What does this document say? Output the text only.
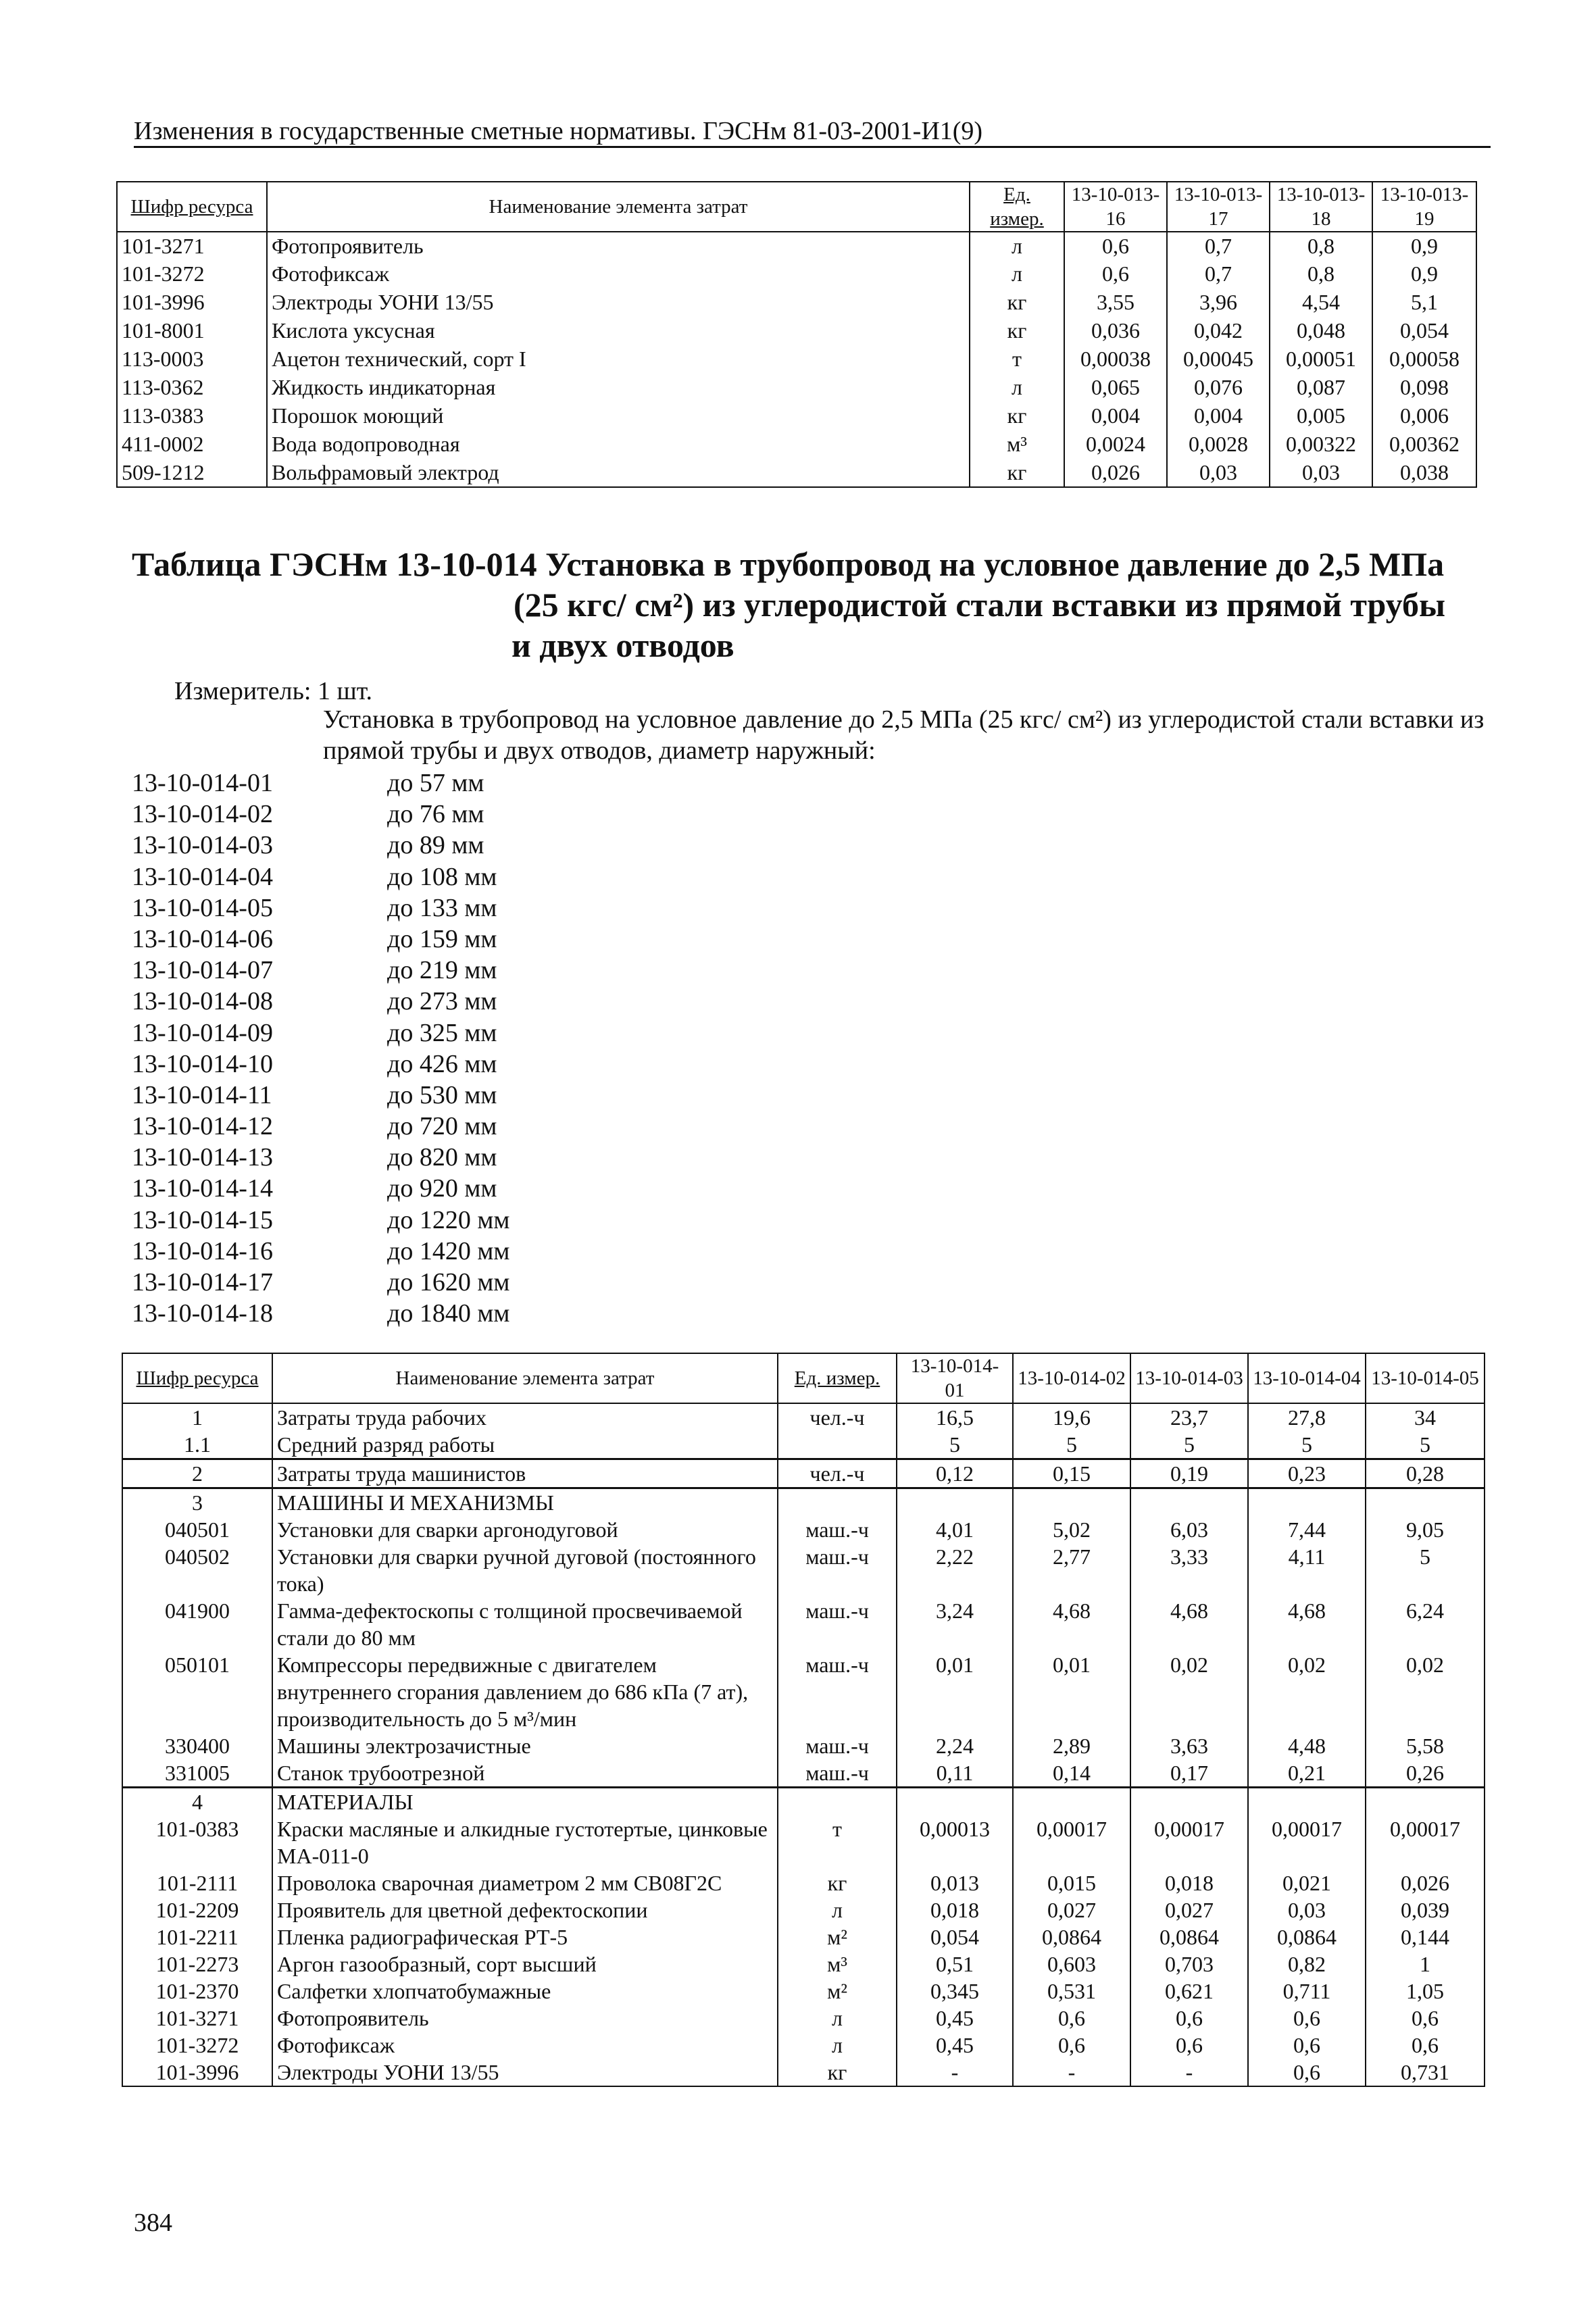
Изменения в государственные сметные нормативы. ГЭСНм 81-03-2001-И1(9)
Шифр ресурса	Наименование элемента затрат	Ед. измер.	13-10-013-16	13-10-013-17	13-10-013-18	13-10-013-19
101-3271	Фотопроявитель	л	0,6	0,7	0,8	0,9
101-3272	Фотофиксаж	л	0,6	0,7	0,8	0,9
101-3996	Электроды УОНИ 13/55	кг	3,55	3,96	4,54	5,1
101-8001	Кислота уксусная	кг	0,036	0,042	0,048	0,054
113-0003	Ацетон технический, сорт I	т	0,00038	0,00045	0,00051	0,00058
113-0362	Жидкость индикаторная	л	0,065	0,076	0,087	0,098
113-0383	Порошок моющий	кг	0,004	0,004	0,005	0,006
411-0002	Вода водопроводная	м³	0,0024	0,0028	0,00322	0,00362
509-1212	Вольфрамовый электрод	кг	0,026	0,03	0,03	0,038
Таблица ГЭСНм 13-10-014 Установка в трубопровод на условное давление до 2,5 МПа
(25 кгс/ см²) из углеродистой стали вставки из прямой трубы
и двух отводов
Измеритель: 1 шт.
Установка в трубопровод на условное давление до 2,5 МПа (25 кгс/ см²) из углеродистой стали вставки из прямой трубы и двух отводов, диаметр наружный:
13-10-014-01	до 57 мм
13-10-014-02	до 76 мм
13-10-014-03	до 89 мм
13-10-014-04	до 108 мм
13-10-014-05	до 133 мм
13-10-014-06	до 159 мм
13-10-014-07	до 219 мм
13-10-014-08	до 273 мм
13-10-014-09	до 325 мм
13-10-014-10	до 426 мм
13-10-014-11	до 530 мм
13-10-014-12	до 720 мм
13-10-014-13	до 820 мм
13-10-014-14	до 920 мм
13-10-014-15	до 1220 мм
13-10-014-16	до 1420 мм
13-10-014-17	до 1620 мм
13-10-014-18	до 1840 мм
Шифр ресурса	Наименование элемента затрат	Ед. измер.	13-10-014-01	13-10-014-02	13-10-014-03	13-10-014-04	13-10-014-05
1	Затраты труда рабочих	чел.-ч	16,5	19,6	23,7	27,8	34
1.1	Средний разряд работы		5	5	5	5	5
2	Затраты труда машинистов	чел.-ч	0,12	0,15	0,19	0,23	0,28
3	МАШИНЫ И МЕХАНИЗМЫ						
040501	Установки для сварки аргонодуговой	маш.-ч	4,01	5,02	6,03	7,44	9,05
040502	Установки для сварки ручной дуговой (постоянного тока)	маш.-ч	2,22	2,77	3,33	4,11	5
041900	Гамма-дефектоскопы с толщиной просвечиваемой стали до 80 мм	маш.-ч	3,24	4,68	4,68	4,68	6,24
050101	Компрессоры передвижные с двигателем внутреннего сгорания давлением до 686 кПа (7 ат), производительность до 5 м³/мин	маш.-ч	0,01	0,01	0,02	0,02	0,02
330400	Машины электрозачистные	маш.-ч	2,24	2,89	3,63	4,48	5,58
331005	Станок трубоотрезной	маш.-ч	0,11	0,14	0,17	0,21	0,26
4	МАТЕРИАЛЫ						
101-0383	Краски масляные и алкидные густотертые, цинковые МА-011-0	т	0,00013	0,00017	0,00017	0,00017	0,00017
101-2111	Проволока сварочная диаметром 2 мм СВ08Г2С	кг	0,013	0,015	0,018	0,021	0,026
101-2209	Проявитель для цветной дефектоскопии	л	0,018	0,027	0,027	0,03	0,039
101-2211	Пленка радиографическая РТ-5	м²	0,054	0,0864	0,0864	0,0864	0,144
101-2273	Аргон газообразный, сорт высший	м³	0,51	0,603	0,703	0,82	1
101-2370	Салфетки хлопчатобумажные	м²	0,345	0,531	0,621	0,711	1,05
101-3271	Фотопроявитель	л	0,45	0,6	0,6	0,6	0,6
101-3272	Фотофиксаж	л	0,45	0,6	0,6	0,6	0,6
101-3996	Электроды УОНИ 13/55	кг	-	-	-	0,6	0,731
384
